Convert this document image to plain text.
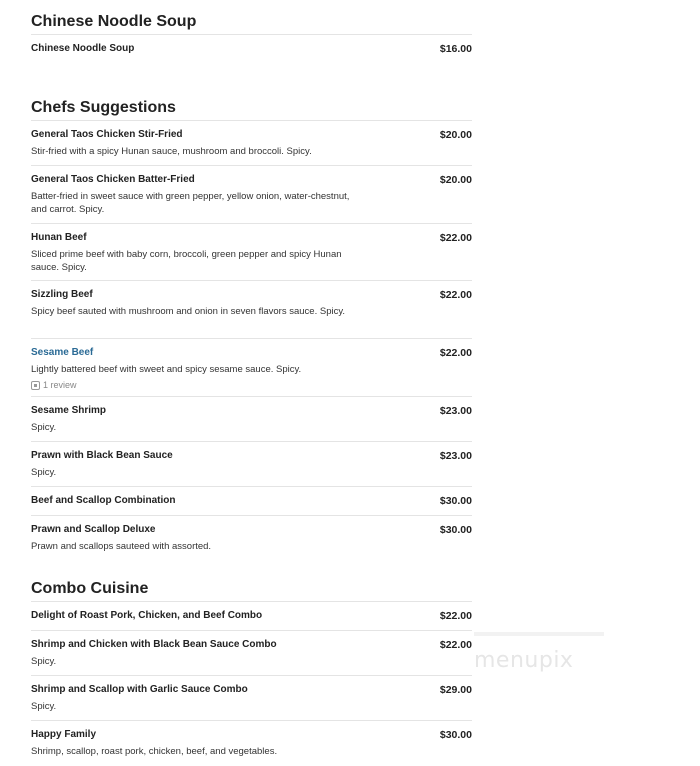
Chinese Noodle Soup
Chinese Noodle Soup	$16.00
Chefs Suggestions
General Taos Chicken Stir-Fried	$20.00
Stir-fried with a spicy Hunan sauce, mushroom and broccoli. Spicy.
General Taos Chicken Batter-Fried	$20.00
Batter-fried in sweet sauce with green pepper, yellow onion, water-chestnut, and carrot. Spicy.
Hunan Beef	$22.00
Sliced prime beef with baby corn, broccoli, green pepper and spicy Hunan sauce. Spicy.
Sizzling Beef	$22.00
Spicy beef sauted with mushroom and onion in seven flavors sauce. Spicy.
Sesame Beef	$22.00
Lightly battered beef with sweet and spicy sesame sauce. Spicy.
1 review
Sesame Shrimp	$23.00
Spicy.
Prawn with Black Bean Sauce	$23.00
Spicy.
Beef and Scallop Combination	$30.00
Prawn and Scallop Deluxe	$30.00
Prawn and scallops sauteed with assorted.
Combo Cuisine
Delight of Roast Pork, Chicken, and Beef Combo	$22.00
Shrimp and Chicken with Black Bean Sauce Combo	$22.00
Spicy.
Shrimp and Scallop with Garlic Sauce Combo	$29.00
Spicy.
Happy Family	$30.00
Shrimp, scallop, roast pork, chicken, beef, and vegetables.
menupix
